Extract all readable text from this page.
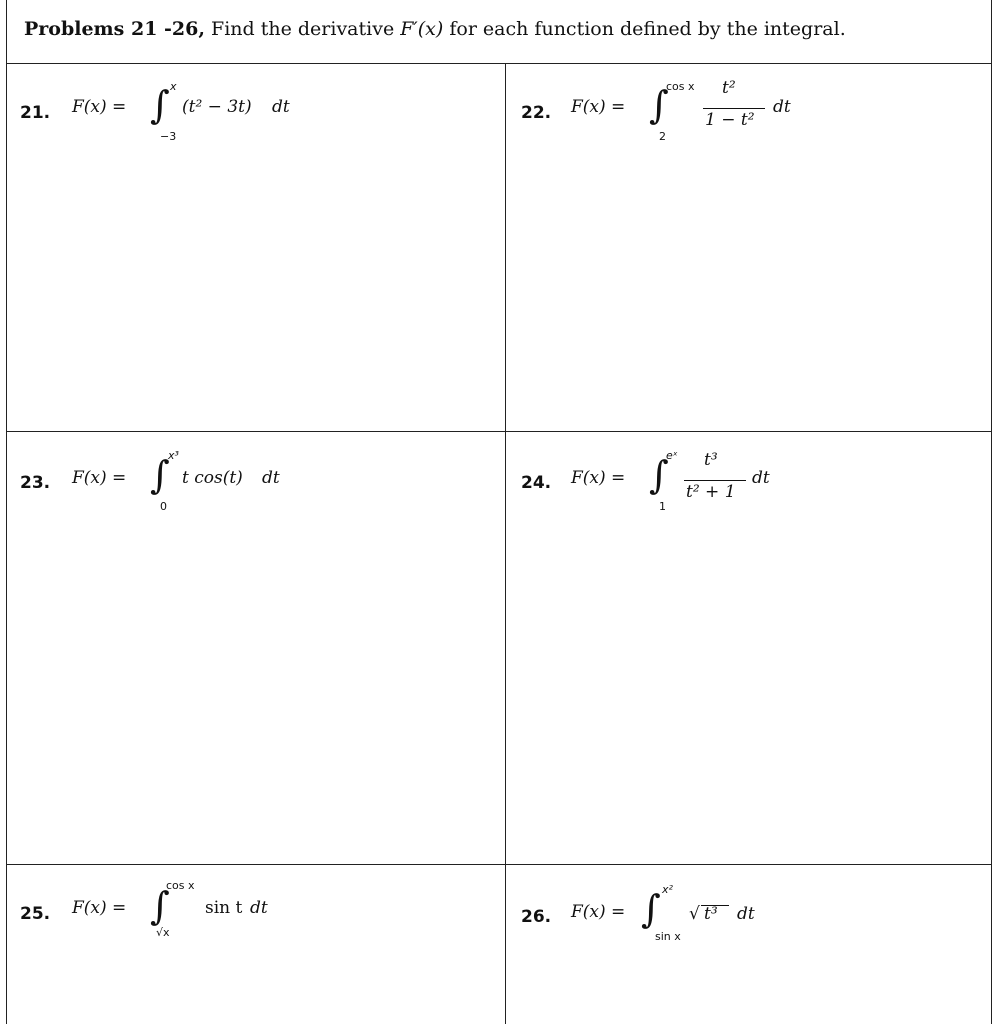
Problems 21 -26, Find the derivative F′(x) for each function defined by the integral.
21. F(x) = ∫ x
−3
(t² − 3t) dt	22. F(x) = ∫
cos x
2
t²
1 − t²
dt
23. F(x) = ∫
x³
0
t cos(t) dt	24. F(x) = ∫
eˣ
1
t³
t² + 1
dt
25. F(x) = ∫
cos x
√x
sin t dt	26. F(x) = ∫ x²
sin x
√ t³ dt
